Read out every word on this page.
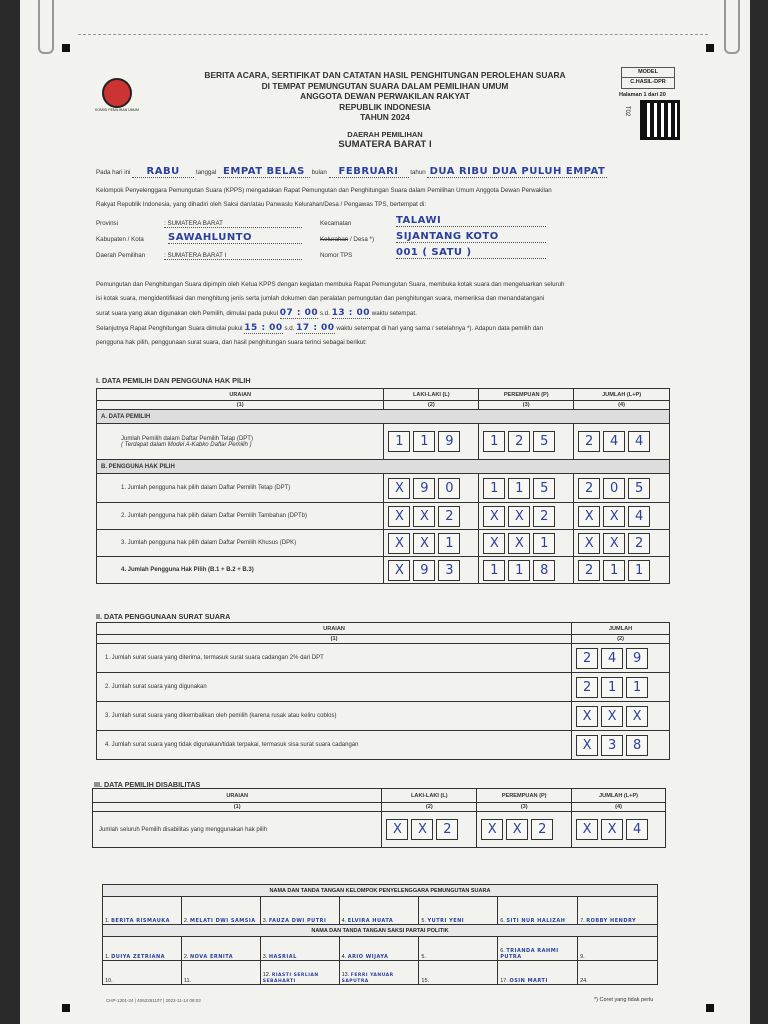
KOMISI PEMILIHAN UMUM
BERITA ACARA, SERTIFIKAT DAN CATATAN HASIL PENGHITUNGAN PEROLEHAN SUARA
DI TEMPAT PEMUNGUTAN SUARA DALAM PEMILIHAN UMUM
ANGGOTA DEWAN PERWAKILAN RAKYAT
REPUBLIK INDONESIA
TAHUN 2024
DAERAH PEMILIHAN
SUMATERA BARAT I
MODEL
C.HASIL-DPR
Halaman 1 dari 20
T02
Pada hari ini RABU	tanggal EMPAT BELAS bulan FEBRUARI tahun DUA RIBU DUA PULUH EMPAT
Kelompok Penyelenggara Pemungutan Suara (KPPS) mengadakan Rapat Pemungutan dan Penghitungan Suara dalam Pemilihan Umum Anggota Dewan Perwakilan
Rakyat Republik Indonesia, yang dihadiri oleh Saksi dan/atau Panwaslu Kelurahan/Desa / Pengawas TPS, bertempat di:
Provinsi	: SUMATERA BARAT
Kabupaten / Kota SAWAHLUNTO
Daerah Pemilihan	: SUMATERA BARAT I
Kecamatan	TALAWI
Kelurahan / Desa *) SIJANTANG KOTO
Nomor TPS	001 ( SATU )
Pemungutan dan Penghitungan Suara dipimpin oleh Ketua KPPS dengan kegiatan membuka Rapat Pemungutan Suara, membuka kotak suara dan mengeluarkan seluruh
isi kotak suara, mengidentifikasi dan menghitung jenis serta jumlah dokumen dan peralatan pemungutan dan penghitungan suara, memeriksa dan menandatangani
surat suara yang akan digunakan oleh Pemilih, dimulai pada pukul 07 : 00 s.d. 13 : 00 waktu setempat.
Selanjutnya Rapat Penghitungan Suara dimulai pukul 15 : 00 s.d. 17 : 00 waktu setempat di hari yang sama / setelahnya *). Adapun data pemilih dan
pengguna hak pilih, penggunaan surat suara, dan hasil penghitungan suara terinci sebagai berikut:
I. DATA PEMILIH DAN PENGGUNA HAK PILIH
URAIAN	LAKI-LAKI (L)	PEREMPUAN (P)	JUMLAH (L+P)
(1)	(2)	(3)	(4)
A. DATA PEMILIH			

Jumlah Pemilih dalam Daftar Pemilih Tetap (DPT)
( Terdapat dalam Model A-Kabko Daftar Pemilih )	1 1 9	1 2 5	2 4 4
B. PENGGUNA HAK PILIH			
1. Jumlah pengguna hak pilih dalam Daftar Pemilih Tetap (DPT)	X 9 0	1 1 5	2 0 5
2. Jumlah pengguna hak pilih dalam Daftar Pemilih Tambahan (DPTb)	X X 2	X X 2	X X 4
3. Jumlah pengguna hak pilih dalam Daftar Pemilih Khusus (DPK)	X X 1	X X 1	X X 2
4. Jumlah Pengguna Hak Pilih (B.1 + B.2 + B.3)	X 9 3	1 1 8	2 1 1
II. DATA PENGGUNAAN SURAT SUARA
URAIAN	JUMLAH
(1)	(2)
1. Jumlah surat suara yang diterima, termasuk surat suara cadangan 2% dari DPT	2 4 9
2. Jumlah surat suara yang digunakan	2 1 1
3. Jumlah surat suara yang dikembalikan oleh pemilih (karena rusak atau keliru coblos)	X X X
4. Jumlah surat suara yang tidak digunakan/tidak terpakai, termasuk sisa surat suara cadangan	X 3 8
III. DATA PEMILIH DISABILITAS
URAIAN	LAKI-LAKI (L)	PEREMPUAN (P)	JUMLAH (L+P)
(1)	(2)	(3)	(4)
Jumlah seluruh Pemilih disabilitas yang menggunakan hak pilih	X X 2	X X 2	X X 4
NAMA DAN TANDA TANGAN KELOMPOK PENYELENGGARA PEMUNGUTAN SUARA						
1. BERITA RISMAUKA	2. MELATI DWI SAMSIA	3. FAUZA DWI PUTRI	4. ELVIRA HUATA	5. YUTRI YENI	6. SITI NUR HALIZAH	7. ROBBY HENDRY
NAMA DAN TANDA TANGAN SAKSI PARTAI POLITIK						
1. DUIYA ZETRIANA	2. NOVA ERNITA	3. HASRIAL	4. ARIO WIJAYA	5.	6. TRIANDA RAHMI PUTRA	9.
10.	11.	12. RIASTI SERLIAN SEBAHARTI	13. FERRI YANUAR SAPUTRA	15.	17. OSIN MARTI	24.
CHP-1301-24 | 4062261107 | 2023-11-14 08:03	*) Coret yang tidak perlu
